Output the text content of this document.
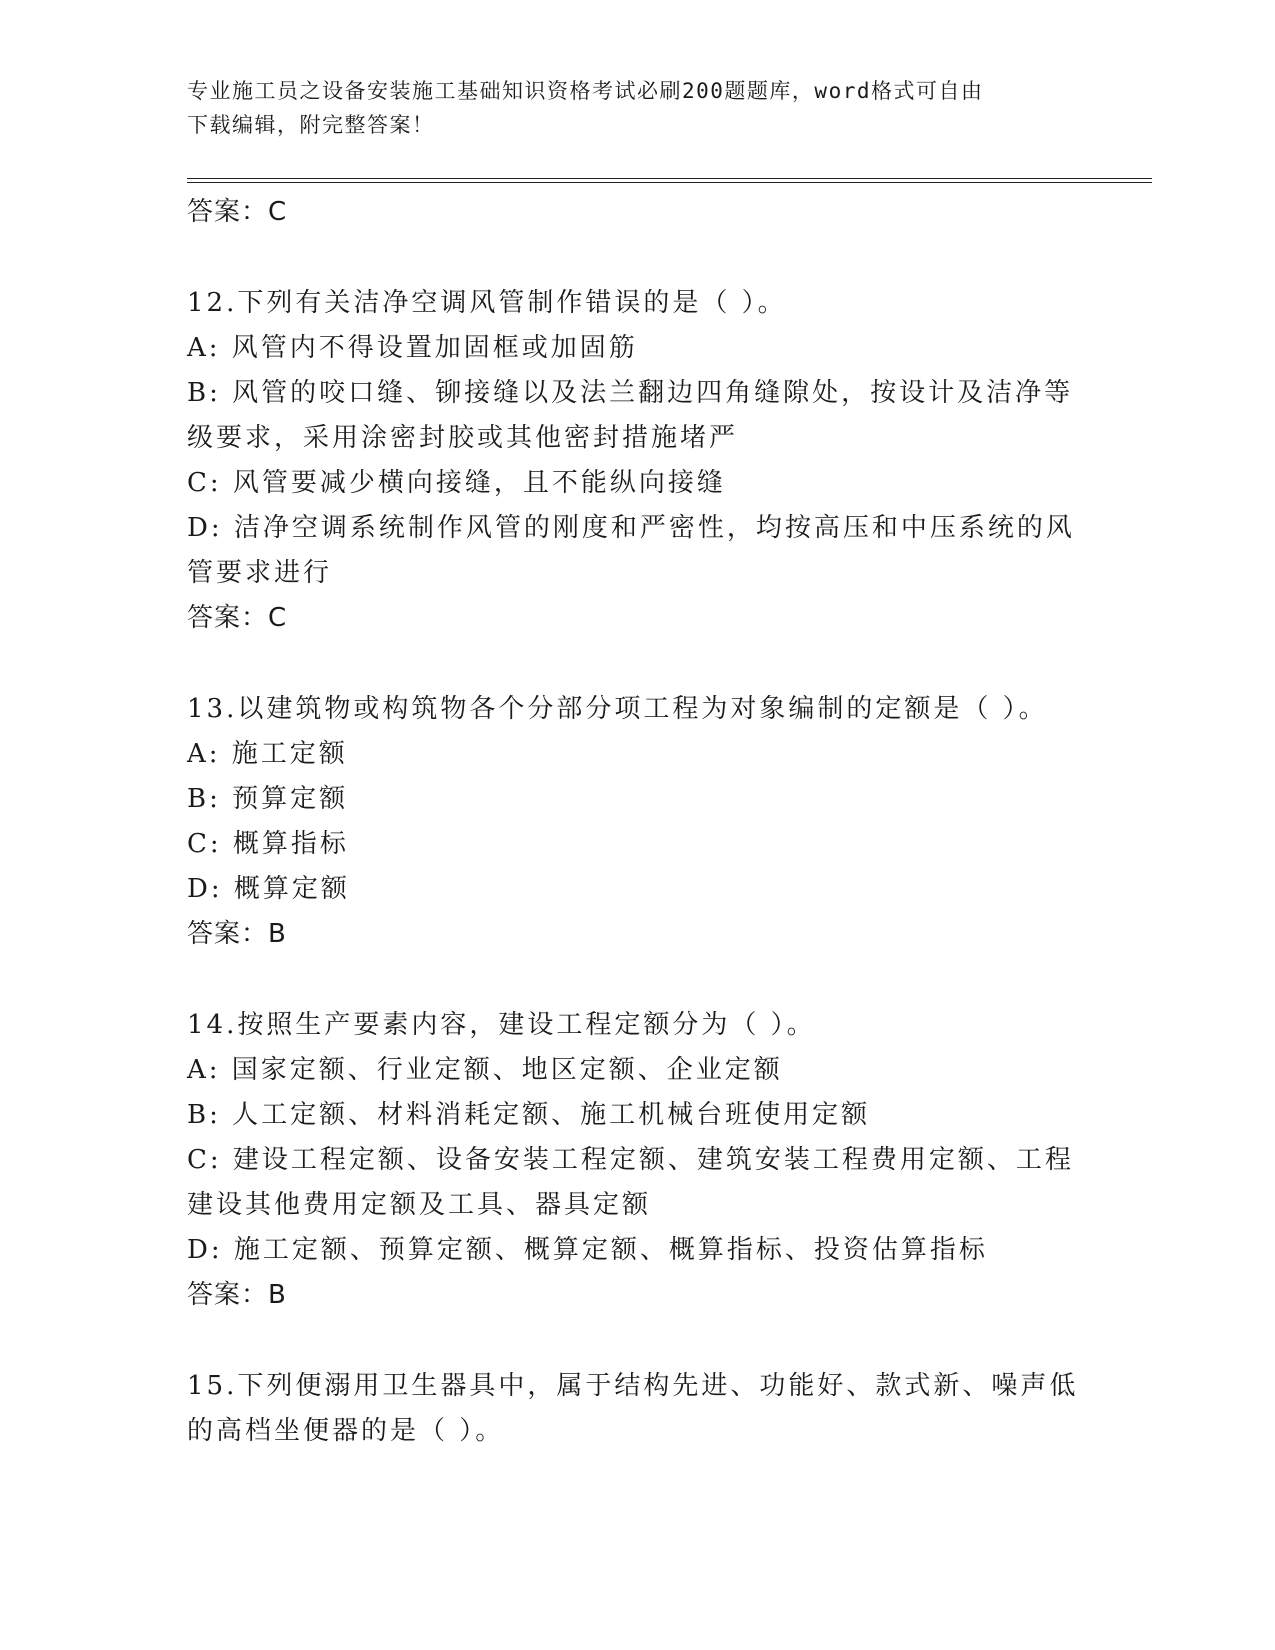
专业施工员之设备安装施工基础知识资格考试必刷200题题库，word格式可自由
下载编辑，附完整答案！
答案：C
12.下列有关洁净空调风管制作错误的是（ ）。
A: 风管内不得设置加固框或加固筋
B: 风管的咬口缝、铆接缝以及法兰翻边四角缝隙处，按设计及洁净等
级要求，采用涂密封胶或其他密封措施堵严
C: 风管要减少横向接缝，且不能纵向接缝
D: 洁净空调系统制作风管的刚度和严密性，均按高压和中压系统的风
管要求进行
答案：C
13.以建筑物或构筑物各个分部分项工程为对象编制的定额是（ ）。
A: 施工定额
B: 预算定额
C: 概算指标
D: 概算定额
答案：B
14.按照生产要素内容，建设工程定额分为（ ）。
A: 国家定额、行业定额、地区定额、企业定额
B: 人工定额、材料消耗定额、施工机械台班使用定额
C: 建设工程定额、设备安装工程定额、建筑安装工程费用定额、工程
建设其他费用定额及工具、器具定额
D: 施工定额、预算定额、概算定额、概算指标、投资估算指标
答案：B
15.下列便溺用卫生器具中，属于结构先进、功能好、款式新、噪声低
的高档坐便器的是（ ）。
